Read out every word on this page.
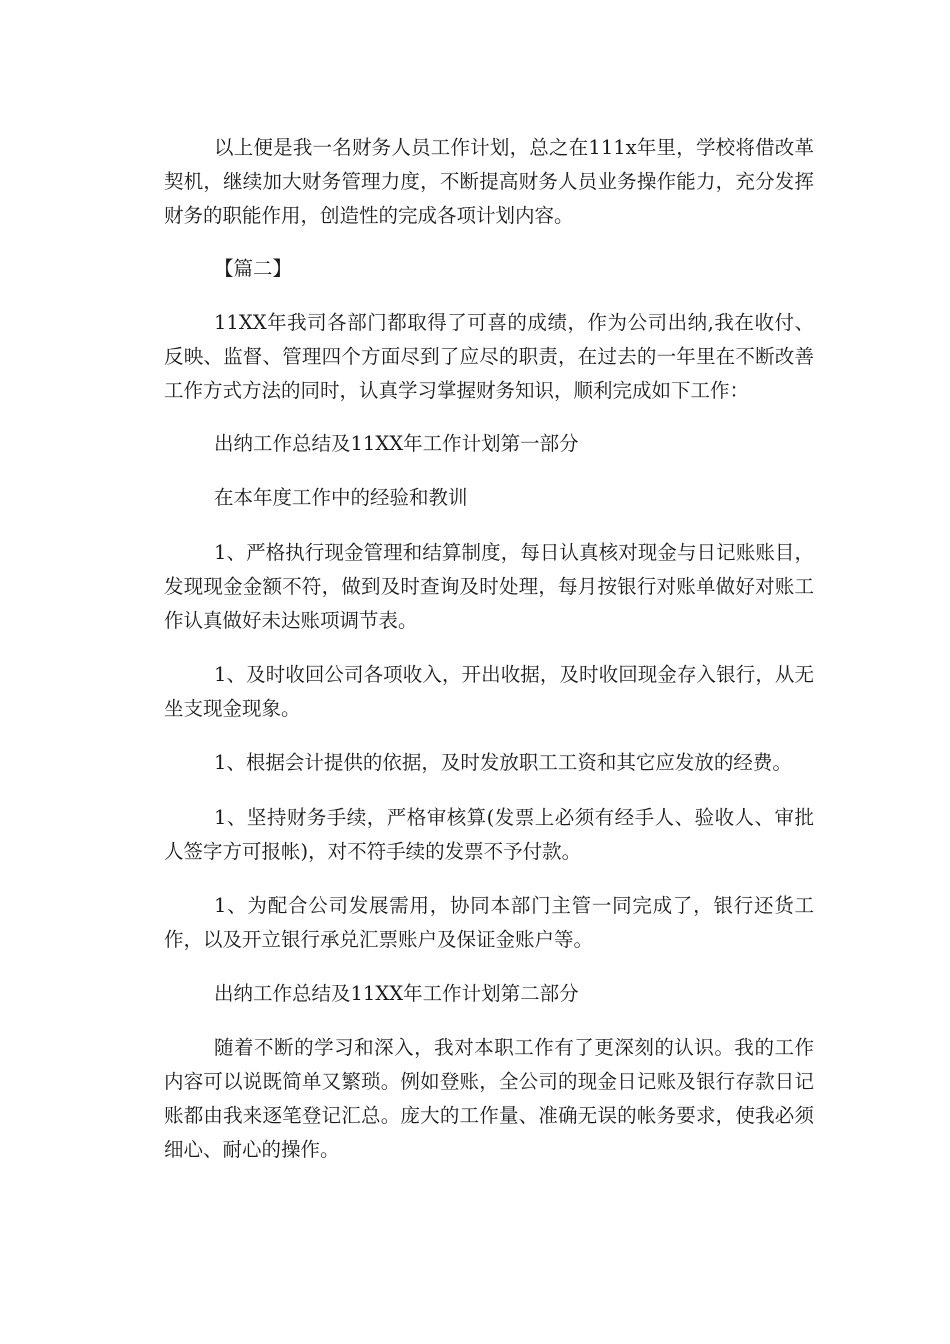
以上便是我一名财务人员工作计划，总之在111x年里，学校将借改革契机，继续加大财务管理力度，不断提高财务人员业务操作能力，充分发挥财务的职能作用，创造性的完成各项计划内容。

【篇二】

11XX年我司各部门都取得了可喜的成绩，作为公司出纳,我在收付、反映、监督、管理四个方面尽到了应尽的职责，在过去的一年里在不断改善工作方式方法的同时，认真学习掌握财务知识，顺利完成如下工作：

出纳工作总结及11XX年工作计划第一部分

在本年度工作中的经验和教训

1、严格执行现金管理和结算制度，每日认真核对现金与日记账账目，发现现金金额不符，做到及时查询及时处理，每月按银行对账单做好对账工作认真做好未达账项调节表。

1、及时收回公司各项收入，开出收据，及时收回现金存入银行，从无坐支现金现象。

1、根据会计提供的依据，及时发放职工工资和其它应发放的经费。

1、坚持财务手续，严格审核算(发票上必须有经手人、验收人、审批人签字方可报帐)，对不符手续的发票不予付款。

1、为配合公司发展需用，协同本部门主管一同完成了，银行还货工作，以及开立银行承兑汇票账户及保证金账户等。

出纳工作总结及11XX年工作计划第二部分

随着不断的学习和深入，我对本职工作有了更深刻的认识。我的工作内容可以说既简单又繁琐。例如登账，全公司的现金日记账及银行存款日记账都由我来逐笔登记汇总。庞大的工作量、准确无误的帐务要求，使我必须细心、耐心的操作。
